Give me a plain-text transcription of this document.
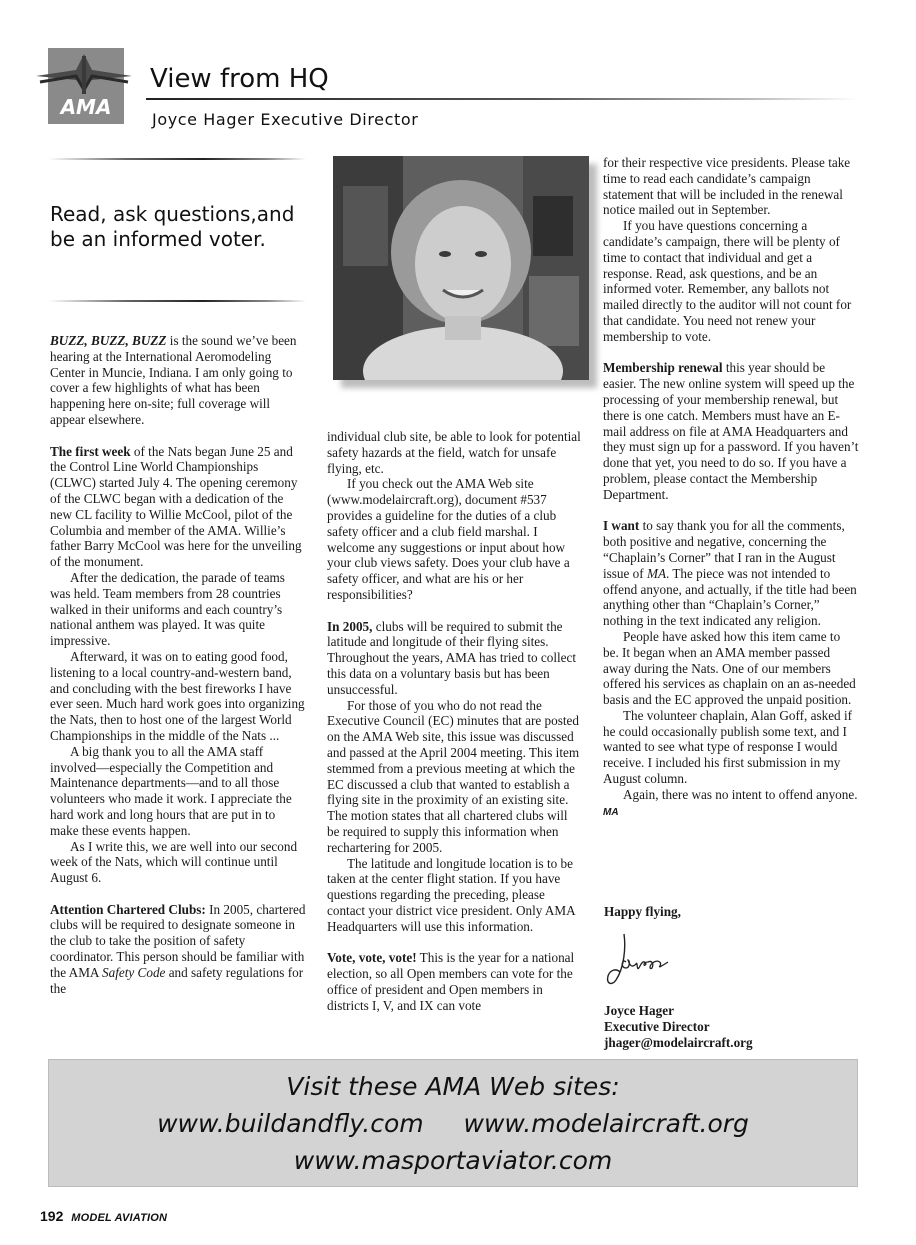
AMA
View from HQ
Joyce Hager Executive Director
Read, ask questions,and be an informed voter.

BUZZ, BUZZ, BUZZ is the sound we’ve been hearing at the International Aeromodeling Center in Muncie, Indiana. I am only going to cover a few highlights of what has been happening here on-site; full coverage will appear elsewhere.

The first week of the Nats began June 25 and the Control Line World Championships (CLWC) started July 4. The opening ceremony of the CLWC began with a dedication of the new CL facility to Willie McCool, pilot of the Columbia and member of the AMA. Willie’s father Barry McCool was here for the unveiling of the monument.

After the dedication, the parade of teams was held. Team members from 28 countries walked in their uniforms and each country’s national anthem was played. It was quite impressive.

Afterward, it was on to eating good food, listening to a local country-and-western band, and concluding with the best fireworks I have ever seen. Much hard work goes into organizing the Nats, then to host one of the largest World Championships in the middle of the Nats ...

A big thank you to all the AMA staff involved—especially the Competition and Maintenance departments—and to all those volunteers who made it work. I appreciate the hard work and long hours that are put in to make these events happen.

As I write this, we are well into our second week of the Nats, which will continue until August 6.

Attention Chartered Clubs: In 2005, chartered clubs will be required to designate someone in the club to take the position of safety coordinator. This person should be familiar with the AMA Safety Code and safety regulations for the

individual club site, be able to look for potential safety hazards at the field, watch for unsafe flying, etc.

If you check out the AMA Web site (www.modelaircraft.org), document #537 provides a guideline for the duties of a club safety officer and a club field marshal. I welcome any suggestions or input about how your club views safety. Does your club have a safety officer, and what are his or her responsibilities?

In 2005, clubs will be required to submit the latitude and longitude of their flying sites. Throughout the years, AMA has tried to collect this data on a voluntary basis but has been unsuccessful.

For those of you who do not read the Executive Council (EC) minutes that are posted on the AMA Web site, this issue was discussed and passed at the April 2004 meeting. This item stemmed from a previous meeting at which the EC discussed a club that wanted to establish a flying site in the proximity of an existing site. The motion states that all chartered clubs will be required to supply this information when rechartering for 2005.

The latitude and longitude location is to be taken at the center flight station. If you have questions regarding the preceding, please contact your district vice president. Only AMA Headquarters will use this information.

Vote, vote, vote! This is the year for a national election, so all Open members can vote for the office of president and Open members in districts I, V, and IX can vote

for their respective vice presidents. Please take time to read each candidate’s campaign statement that will be included in the renewal notice mailed out in September.

If you have questions concerning a candidate’s campaign, there will be plenty of time to contact that individual and get a response. Read, ask questions, and be an informed voter. Remember, any ballots not mailed directly to the auditor will not count for that candidate. You need not renew your membership to vote.

Membership renewal this year should be easier. The new online system will speed up the processing of your membership renewal, but there is one catch. Members must have an E-mail address on file at AMA Headquarters and they must sign up for a password. If you haven’t done that yet, you need to do so. If you have a problem, please contact the Membership Department.

I want to say thank you for all the comments, both positive and negative, concerning the “Chaplain’s Corner” that I ran in the August issue of MA. The piece was not intended to offend anyone, and actually, if the title had been anything other than “Chaplain’s Corner,” nothing in the text indicated any religion.

People have asked how this item came to be. It began when an AMA member passed away during the Nats. One of our members offered his services as chaplain on an as-needed basis and the EC approved the unpaid position.

The volunteer chaplain, Alan Goff, asked if he could occasionally publish some text, and I wanted to see what type of response I would receive. I included his first submission in my August column.

Again, there was no intent to offend anyone. MA

Happy flying,
Joyce Hager
Executive Director
jhager@modelaircraft.org
Visit these AMA Web sites:
www.buildandfly.com www.modelaircraft.org
www.masportaviator.com
192 MODEL AVIATION
